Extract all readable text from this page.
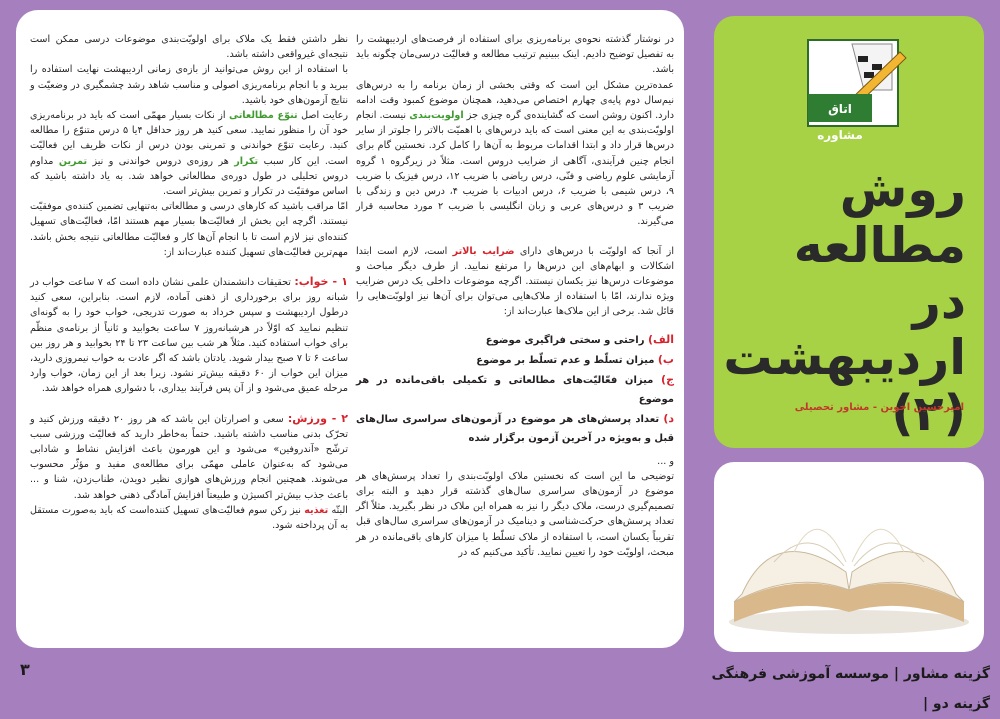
در نوشتار گذشته نحوه‌ی برنامه‌ریزی برای استفاده از فرصت‌های اردیبهشت را به تفصیل توضیح دادیم. اینک ببینیم ترتیب مطالعه و فعالیّت درسی‌مان چگونه باید باشد.

عمده‌ترین مشکل این است که وقتی بخشی از زمان برنامه را به درس‌های نیم‌سال دوم پایه‌ی چهارم اختصاص می‌دهید، همچنان موضوع کمبود وقت ادامه دارد. اکنون روشن است که گشاینده‌ی گره چیزی جز اولویت‌بندی نیست. انجام اولویّت‌بندی به این معنی است که باید درس‌های با اهمیّت بالاتر را جلوتر از سایر درس‌ها قرار داد و ابتدا اقدامات مربوط به آن‌ها را کامل کرد. نخستین گام برای انجام چنین فرآیندی، آگاهی از ضرایب دروس است. مثلاً در زیرگروه ۱ گروه آزمایشی علوم ریاضی و فنّی، درس ریاضی با ضریب ۱۲، درس فیزیک با ضریب ۹، درس شیمی با ضریب ۶، درس ادبیات با ضریب ۴، درس دین و زندگی با ضریب ۳ و درس‌های عربی و زبان انگلیسی با ضریب ۲ مورد محاسبه قرار می‌گیرند.

از آنجا که اولویّت با درس‌های دارای ضرایب بالاتر است، لازم است ابتدا اشکالات و ابهام‌های این درس‌ها را مرتفع نمایید. از طرف دیگر مباحث و موضوعات درس‌ها نیز یکسان نیستند. اگرچه موضوعات داخلی یک درس ضرایب ویژه ندارند، امّا با استفاده از ملاک‌هایی می‌توان برای آن‌ها نیز اولویّت‌هایی را قائل شد. برخی از این ملاک‌ها عبارت‌اند از:

الف) راحتی و سختی فراگیری موضوع
ب) میزان تسلّط و عدم تسلّط بر موضوع
ج) میزان فعّالیّت‌های مطالعاتی و تکمیلی باقی‌مانده در هر موضوع
د) تعداد پرسش‌های هر موضوع در آزمون‌های سراسری سال‌های قبل و به‌ویژه در آخرین آزمون برگزار شده

و ...

توضیحی ما این است که نخستین ملاک اولویّت‌بندی را تعداد پرسش‌های هر موضوع در آزمون‌های سراسری سال‌های گذشته قرار دهید و البته برای تصمیم‌گیری درست، ملاک دیگر را نیز به همراه این ملاک در نظر بگیرید. مثلاً اگر تعداد پرسش‌های حرکت‌شناسی و دینامیک در آزمون‌های سراسری سال‌های قبل تقریباً یکسان است، با استفاده از ملاک تسلّط یا میزان کارهای باقی‌مانده در هر مبحث، اولویّت خود را تعیین نمایید. تأکید می‌کنیم که در

نظر داشتن فقط یک ملاک برای اولویّت‌بندی موضوعات درسی ممکن است نتیجه‌ای غیرواقعی داشته باشد.

با استفاده از این روش می‌توانید از بازه‌ی زمانی اردیبهشت نهایت استفاده را ببرید و با انجام برنامه‌ریزی اصولی و مناسب شاهد رشد چشمگیری در وضعیّت و نتایج آزمون‌های خود باشید.

رعایت اصل تنوّع مطالعاتی از نکات بسیار مهمّی است که باید در برنامه‌ریزی خود آن را منظور نمایید. سعی کنید هر روز حداقل ۴یا ۵ درس متنوّع را مطالعه کنید. رعایت تنوّع خواندنی و تمرینی بودن درس از نکات ظریف این فعالیّت است. این کار سبب تکرار هر روزه‌ی دروس خواندنی و نیز تمرین مداوم دروس تحلیلی در طول دوره‌ی مطالعاتی خواهد شد. به یاد داشته باشید که اساس موفقیّت در تکرار و تمرین بیش‌تر است.

امّا مراقب باشید که کارهای درسی و مطالعاتی به‌تنهایی تضمین کننده‌ی موفقیّت نیستند. اگرچه این بخش از فعالیّت‌ها بسیار مهم هستند امّا، فعالیّت‌های تسهیل کننده‌ای نیز لازم است تا با انجام آن‌ها کار و فعالیّت مطالعاتی نتیجه بخش باشد. مهم‌ترین فعالیّت‌های تسهیل کننده عبارت‌اند از:

۱ - خواب: تحقیقات دانشمندان علمی نشان داده است که ۷ ساعت خواب در شبانه روز برای برخورداری از ذهنی آماده، لازم است. بنابراین، سعی کنید درطول اردیبهشت و سپس خرداد به صورت تدریجی، خواب خود را به گونه‌ای تنظیم نمایید که اوّلاً در هرشبانه‌روز ۷ ساعت بخوابید و ثانیاً از برنامه‌ی منظّم برای خواب استفاده کنید. مثلاً هر شب بین ساعت ۲۳ تا ۲۴ بخوابید و هر روز بین ساعت ۶ تا ۷ صبح بیدار شوید. یادتان باشد که اگر عادت به خواب نیمروزی دارید، میزان این خواب از ۶۰ دقیقه بیش‌تر نشود. زیرا بعد از این زمان، خواب وارد مرحله عمیق می‌شود و از آن پس فرآیند بیداری، با دشواری همراه خواهد شد.

۲ - ورزش: سعی و اصرارتان این باشد که هر روز ۲۰ دقیقه ورزش کنید و تحرّک بدنی مناسب داشته باشید. حتماً به‌خاطر دارید که فعالیّت ورزشی سبب ترشّح «آندروفین» می‌شود و این هورمون باعث افزایش نشاط و شادابی می‌شود که به‌عنوان عاملی مهمّی برای مطالعه‌ی مفید و مؤثّر محسوب می‌شوند. همچنین انجام ورزش‌های هوازی نظیر دویدن، طناب‌زدن، شنا و ... باعث جذب بیش‌تر اکسیژن و طبیعتاً افزایش آمادگی ذهنی خواهد شد.

البتّه تغذیه نیز رکن سوم فعالیّت‌های تسهیل کننده‌است که باید به‌صورت مستقل به آن پرداخته شود.

اتاق مشاوره
روش
مطالعه در
اردیبهشت
(۲)
امیرحسین اخوین - مشاور تحصیلی
گزینه مشاور | موسسه آموزشی فرهنگی گزینه دو |
۳
